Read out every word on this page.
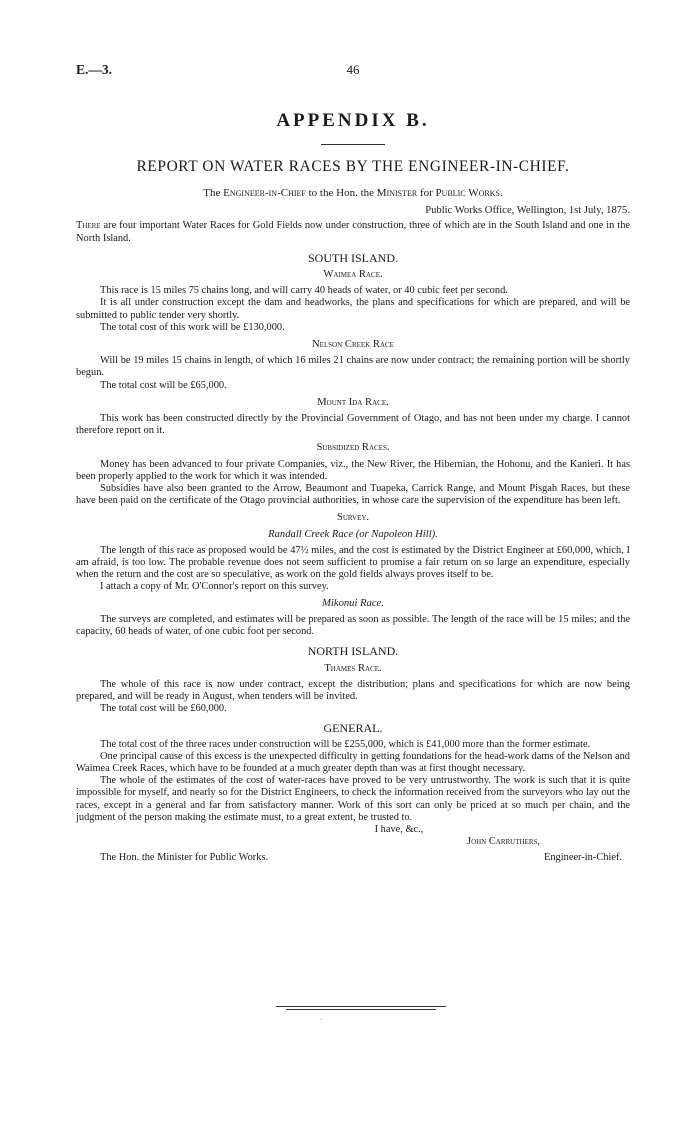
E.—3.	46
APPENDIX B.
REPORT ON WATER RACES BY THE ENGINEER-IN-CHIEF.
The Engineer-in-Chief to the Hon. the Minister for Public Works.
Public Works Office, Wellington, 1st July, 1875.

There are four important Water Races for Gold Fields now under construction, three of which are in the South Island and one in the North Island.

SOUTH ISLAND.
Waimea Race.

This race is 15 miles 75 chains long, and will carry 40 heads of water, or 40 cubic feet per second.

It is all under construction except the dam and headworks, the plans and specifications for which are prepared, and will be submitted to public tender very shortly.

The total cost of this work will be £130,000.

Nelson Creek Race

Will be 19 miles 15 chains in length, of which 16 miles 21 chains are now under contract; the remaining portion will be shortly begun.

The total cost will be £65,000.

Mount Ida Race.

This work has been constructed directly by the Provincial Government of Otago, and has not been under my charge. I cannot therefore report on it.

Subsidized Races.

Money has been advanced to four private Companies, viz., the New River, the Hibernian, the Hohonu, and the Kanieri. It has been properly applied to the work for which it was intended.

Subsidies have also been granted to the Arrow, Beaumont and Tuapeka, Carrick Range, and Mount Pisgah Races, but these have been paid on the certificate of the Otago provincial authorities, in whose care the supervision of the expenditure has been left.

Survey.
Randall Creek Race (or Napoleon Hill).

The length of this race as proposed would be 47½ miles, and the cost is estimated by the District Engineer at £60,000, which, I am afraid, is too low. The probable revenue does not seem sufficient to promise a fair return on so large an expenditure, especially when the return and the cost are so speculative, as work on the gold fields always proves itself to be.

I attach a copy of Mr. O'Connor's report on this survey.

Mikonui Race.

The surveys are completed, and estimates will be prepared as soon as possible. The length of the race will be 15 miles; and the capacity, 60 heads of water, of one cubic foot per second.

NORTH ISLAND.
Thames Race.

The whole of this race is now under contract, except the distribution; plans and specifications for which are now being prepared, and will be ready in August, when tenders will be invited.

The total cost will be £60,000.

GENERAL.

The total cost of the three races under construction will be £255,000, which is £41,000 more than the former estimate.

One principal cause of this excess is the unexpected difficulty in getting foundations for the head-work dams of the Nelson and Waimea Creek Races, which have to be founded at a much greater depth than was at first thought necessary.

The whole of the estimates of the cost of water-races have proved to be very untrustworthy. The work is such that it is quite impossible for myself, and nearly so for the District Engineers, to check the information received from the surveyors who lay out the races, except in a general and far from satisfactory manner. Work of this sort can only be priced at so much per chain, and the judgment of the person making the estimate must, to a great extent, be trusted to.

I have, &c.,
John Carruthers,
The Hon. the Minister for Public Works.	Engineer-in-Chief.
⸱
